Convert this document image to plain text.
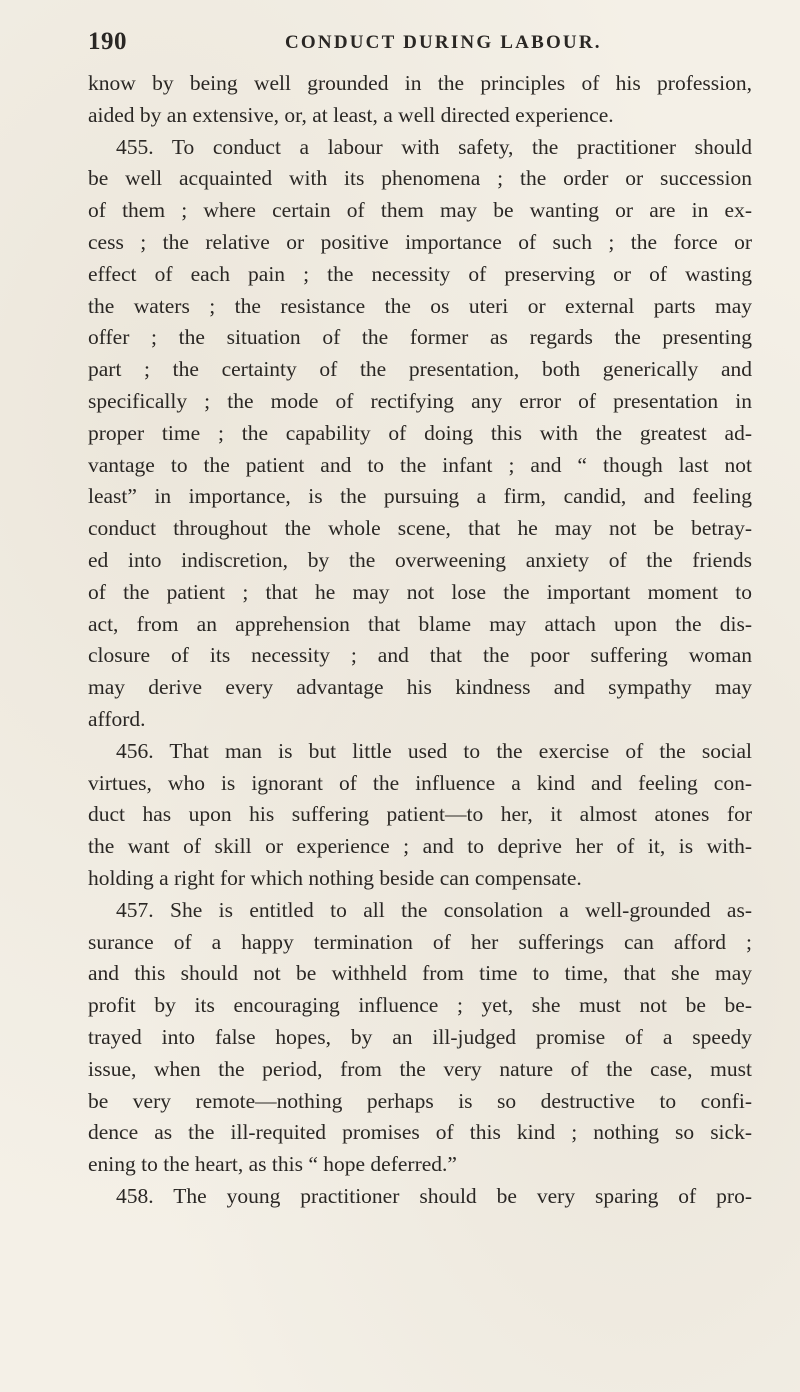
190	CONDUCT DURING LABOUR.
know by being well grounded in the principles of his profession,
aided by an extensive, or, at least, a well directed experience.
455. To conduct a labour with safety, the practitioner should
be well acquainted with its phenomena ; the order or succession
of them ; where certain of them may be wanting or are in ex-
cess ; the relative or positive importance of such ; the force or
effect of each pain ; the necessity of preserving or of wasting
the waters ; the resistance the os uteri or external parts may
offer ; the situation of the former as regards the presenting
part ; the certainty of the presentation, both generically and
specifically ; the mode of rectifying any error of presentation in
proper time ; the capability of doing this with the greatest ad-
vantage to the patient and to the infant ; and “ though last not
least” in importance, is the pursuing a firm, candid, and feeling
conduct throughout the whole scene, that he may not be betray-
ed into indiscretion, by the overweening anxiety of the friends
of the patient ; that he may not lose the important moment to
act, from an apprehension that blame may attach upon the dis-
closure of its necessity ; and that the poor suffering woman
may derive every advantage his kindness and sympathy may
afford.
456. That man is but little used to the exercise of the social
virtues, who is ignorant of the influence a kind and feeling con-
duct has upon his suffering patient—to her, it almost atones for
the want of skill or experience ; and to deprive her of it, is with-
holding a right for which nothing beside can compensate.
457. She is entitled to all the consolation a well-grounded as-
surance of a happy termination of her sufferings can afford ;
and this should not be withheld from time to time, that she may
profit by its encouraging influence ; yet, she must not be be-
trayed into false hopes, by an ill-judged promise of a speedy
issue, when the period, from the very nature of the case, must
be very remote—nothing perhaps is so destructive to confi-
dence as the ill-requited promises of this kind ; nothing so sick-
ening to the heart, as this “ hope deferred.”
458. The young practitioner should be very sparing of pro-
